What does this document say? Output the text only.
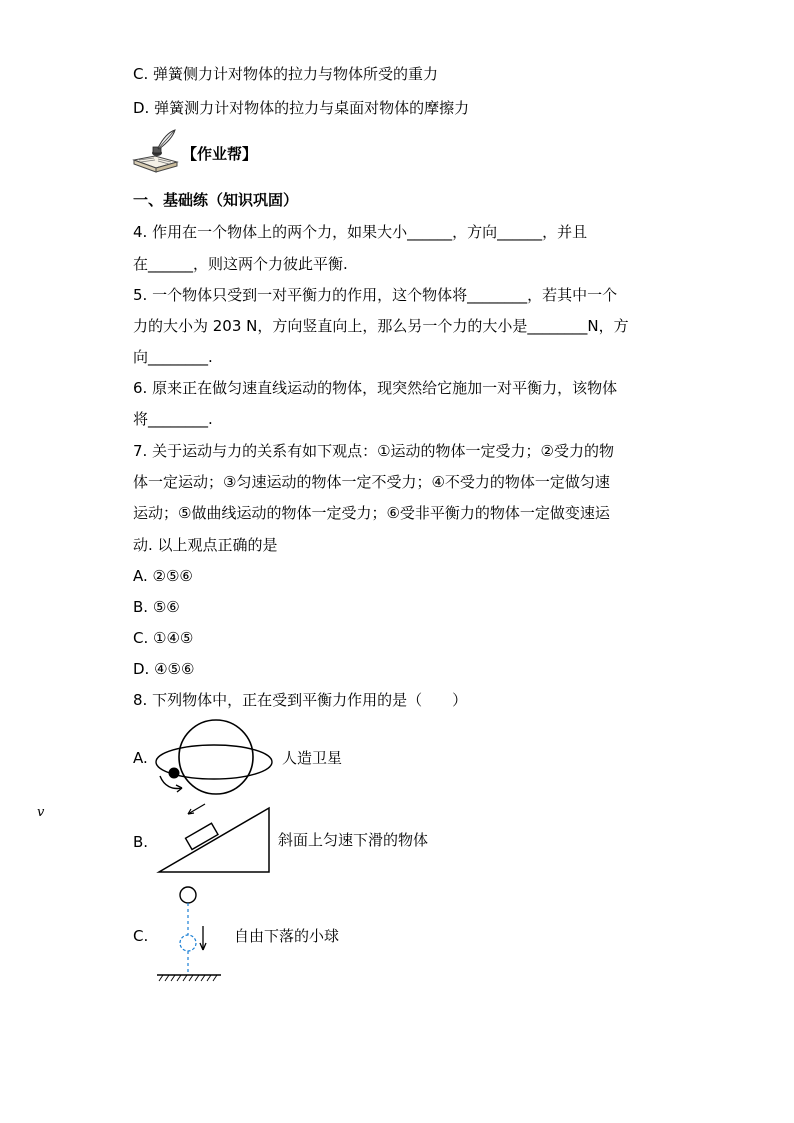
C. 弹簧侧力计对物体的拉力与物体所受的重力
D. 弹簧测力计对物体的拉力与桌面对物体的摩擦力
【作业帮】
一、基础练（知识巩固）
4. 作用在一个物体上的两个力，如果大小______，方向______，并且
在______，则这两个力彼此平衡.
5. 一个物体只受到一对平衡力的作用，这个物体将________，若其中一个
力的大小为 203 N，方向竖直向上，那么另一个力的大小是________N，方
向________.
6. 原来正在做匀速直线运动的物体，现突然给它施加一对平衡力，该物体
将________.
7. 关于运动与力的关系有如下观点：①运动的物体一定受力；②受力的物
体一定运动；③匀速运动的物体一定不受力；④不受力的物体一定做匀速
运动；⑤做曲线运动的物体一定受力；⑥受非平衡力的物体一定做变速运
动. 以上观点正确的是
A. ②⑤⑥
B. ⑤⑥
C. ①④⑤
D. ④⑤⑥
8. 下列物体中，正在受到平衡力作用的是（　　）
A.	人造卫星
B.
v
斜面上匀速下滑的物体
C.	自由下落的小球
